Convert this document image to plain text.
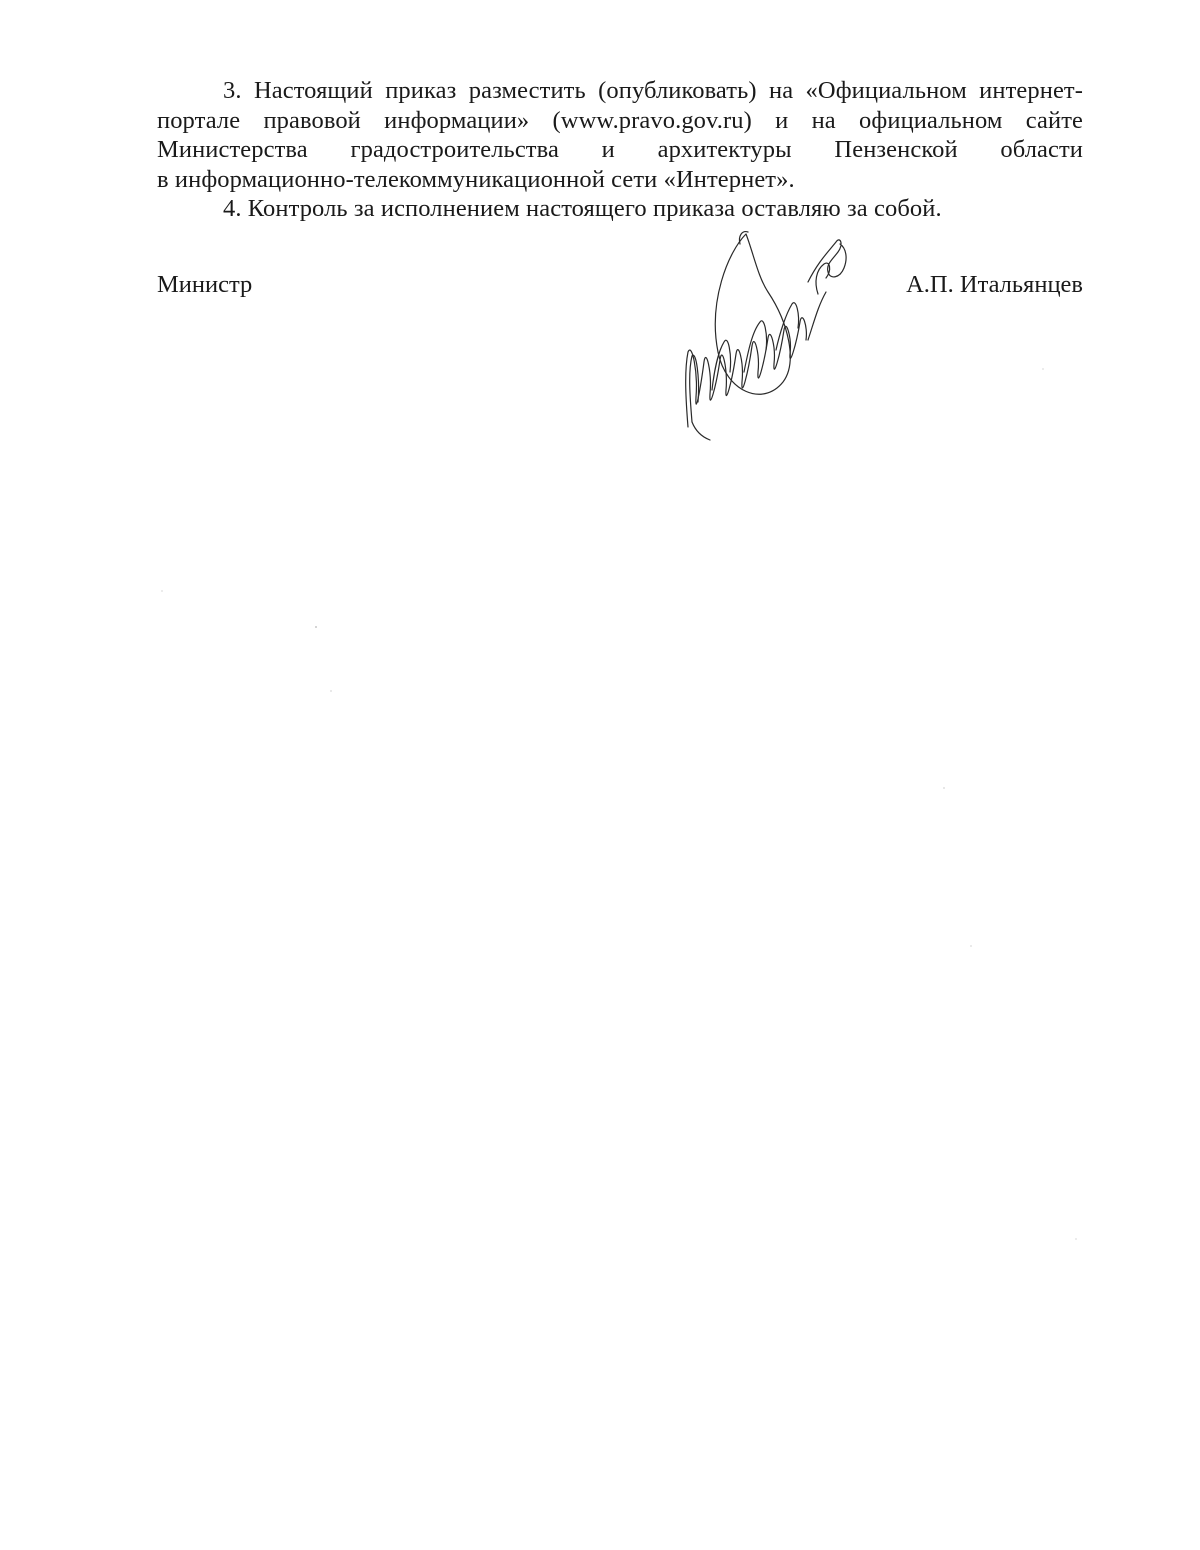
3. Настоящий приказ разместить (опубликовать) на «Официальном интернет-
портале правовой информации» (www.pravo.gov.ru) и на официальном сайте
Министерства градостроительства и архитектуры Пензенской области
в информационно-телекоммуникационной сети «Интернет».
4. Контроль за исполнением настоящего приказа оставляю за собой.
Министр	А.П. Итальянцев
